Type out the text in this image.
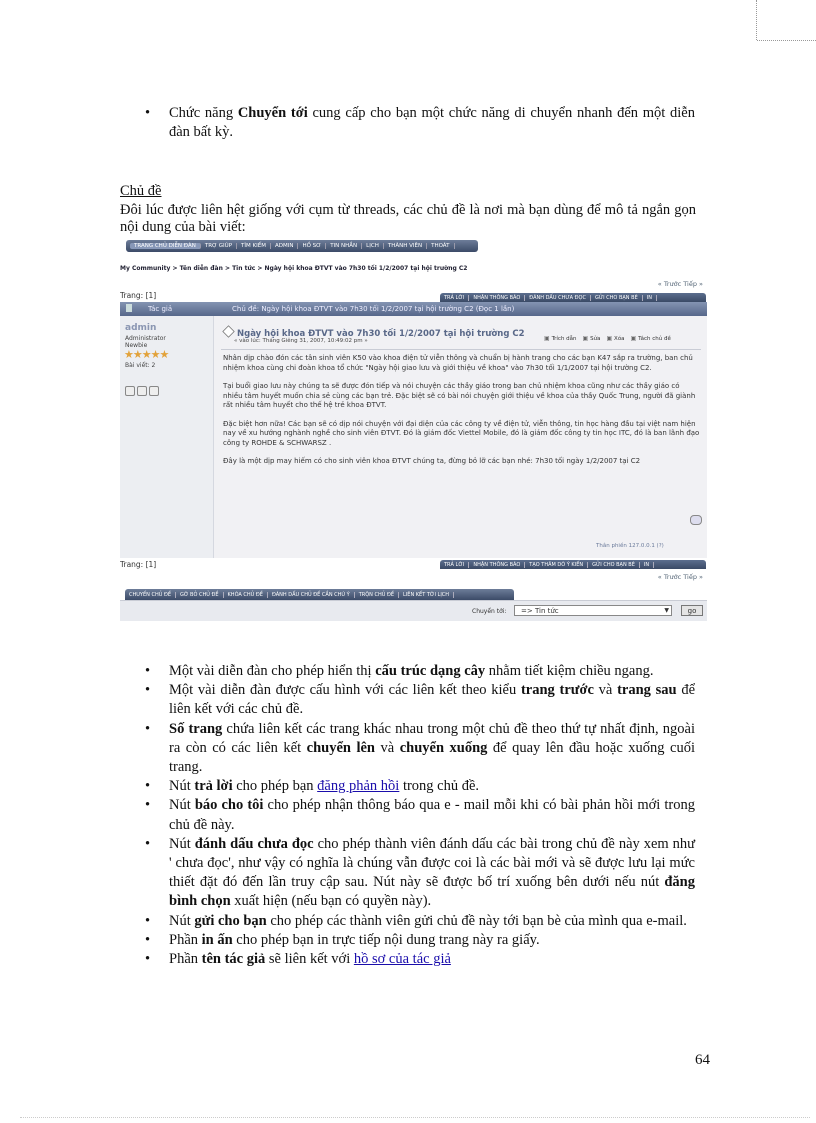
• Chức năng Chuyển tới cung cấp cho bạn một chức năng di chuyển nhanh đến một diễn đàn bất kỳ.
Chủ đề
Đôi lúc được liên hệt giống với cụm từ threads, các chủ đề là nơi mà bạn dùng để mô tả ngắn gọn nội dung của bài viết:
TRANG CHỦ DIỄN ĐÀN	TRỢ GIÚP	TÌM KIẾM	ADMIN	HỒ SƠ	TIN NHẮN	LỊCH	THÀNH VIÊN	THOÁT
My Community > Tên diễn đàn > Tin tức > Ngày hội khoa ĐTVT vào 7h30 tối 1/2/2007 tại hội trường C2
« Trước Tiếp »
Trang: [1]	TRẢ LỜI	NHẬN THÔNG BÁO	ĐÁNH DẤU CHƯA ĐỌC	GỬI CHO BẠN BÈ	IN
Tác giả	Chủ đề: Ngày hội khoa ĐTVT vào 7h30 tối 1/2/2007 tại hội trường C2 (Đọc 1 lần)
admin
Administrator
Newbie
★★★★★
Bài viết: 2
Ngày hội khoa ĐTVT vào 7h30 tối 1/2/2007 tại hội trường C2
« vào lúc: Tháng Giêng 31, 2007, 10:49:02 pm »	▣ Trích dẫn	▣ Sửa	▣ Xóa	▣ Tách chủ đề

Nhân dịp chào đón các tân sinh viên K50 vào khoa điện tử viễn thông và chuẩn bị hành trang cho các bạn K47 sắp ra trường, ban chủ nhiệm khoa cùng chi đoàn khoa tổ chức "Ngày hội giao lưu và giới thiệu về khoa" vào 7h30 tối 1/1/2007 tại hội trường C2.

Tại buổi giao lưu này chúng ta sẽ được đón tiếp và nói chuyện các thầy giáo trong ban chủ nhiệm khoa cũng như các thầy giáo có nhiều tâm huyết muốn chia sẻ cùng các bạn trẻ. Đặc biệt sẽ có bài nói chuyện giới thiệu về khoa của thầy Quốc Trung, người đã giành rất nhiều tâm huyết cho thế hệ trẻ khoa ĐTVT.

Đặc biệt hơn nữa! Các bạn sẽ có dịp nói chuyện với đại diện của các công ty về điện tử, viễn thông, tin học hàng đầu tại việt nam hiện nay về xu hướng nghành nghề cho sinh viên ĐTVT. Đó là giám đốc Viettel Mobile, đó là giám đốc công ty tin học ITC, đó là ban lãnh đạo công ty ROHDE & SCHWARSZ .

Đây là một dịp may hiếm có cho sinh viên khoa ĐTVT chúng ta, đừng bỏ lỡ các bạn nhé: 7h30 tối ngày 1/2/2007 tại C2

Thân phiền 127.0.0.1 (?)
Trang: [1]	TRẢ LỜI	NHẬN THÔNG BÁO	TẠO THĂM DÒ Ý KIẾN	GỬI CHO BẠN BÈ	IN
« Trước Tiếp »
CHUYỂN CHỦ ĐỀ	GỠ BỎ CHỦ ĐỀ	KHÓA CHỦ ĐỀ	ĐÁNH DẤU CHỦ ĐỀ CẦN CHÚ Ý	TRỘN CHỦ ĐỀ	LIÊN KẾT TỚI LỊCH
Chuyển tới:	=> Tin tức	▼	go
• Một vài diễn đàn cho phép hiển thị cấu trúc dạng cây nhằm tiết kiệm chiều ngang.
• Một vài diễn đàn được cấu hình với các liên kết theo kiểu trang trước và trang sau để liên kết với các chủ đề.
• Số trang chứa liên kết các trang khác nhau trong một chủ đề theo thứ tự nhất định, ngoài ra còn có các liên kết chuyển lên và chuyển xuống để quay lên đầu hoặc xuống cuối trang.
• Nút trả lời cho phép bạn đăng phản hồi trong chủ đề.
• Nút báo cho tôi cho phép nhận thông báo qua e - mail mỗi khi có bài phản hồi mới trong chủ đề này.
• Nút đánh dấu chưa đọc cho phép thành viên đánh dấu các bài trong chủ đề này xem như ' chưa đọc', như vậy có nghĩa là chúng vẫn được coi là các bài mới và sẽ được lưu lại mức thiết đặt đó đến lần truy cập sau. Nút này sẽ được bố trí xuống bên dưới nếu nút đăng bình chọn xuất hiện (nếu bạn có quyền này).
• Nút gửi cho bạn cho phép các thành viên gửi chủ đề này tới bạn bè của mình qua e-mail.
• Phần in ấn cho phép bạn in trực tiếp nội dung trang này ra giấy.
• Phần tên tác giả sẽ liên kết với hồ sơ của tác giả
64
